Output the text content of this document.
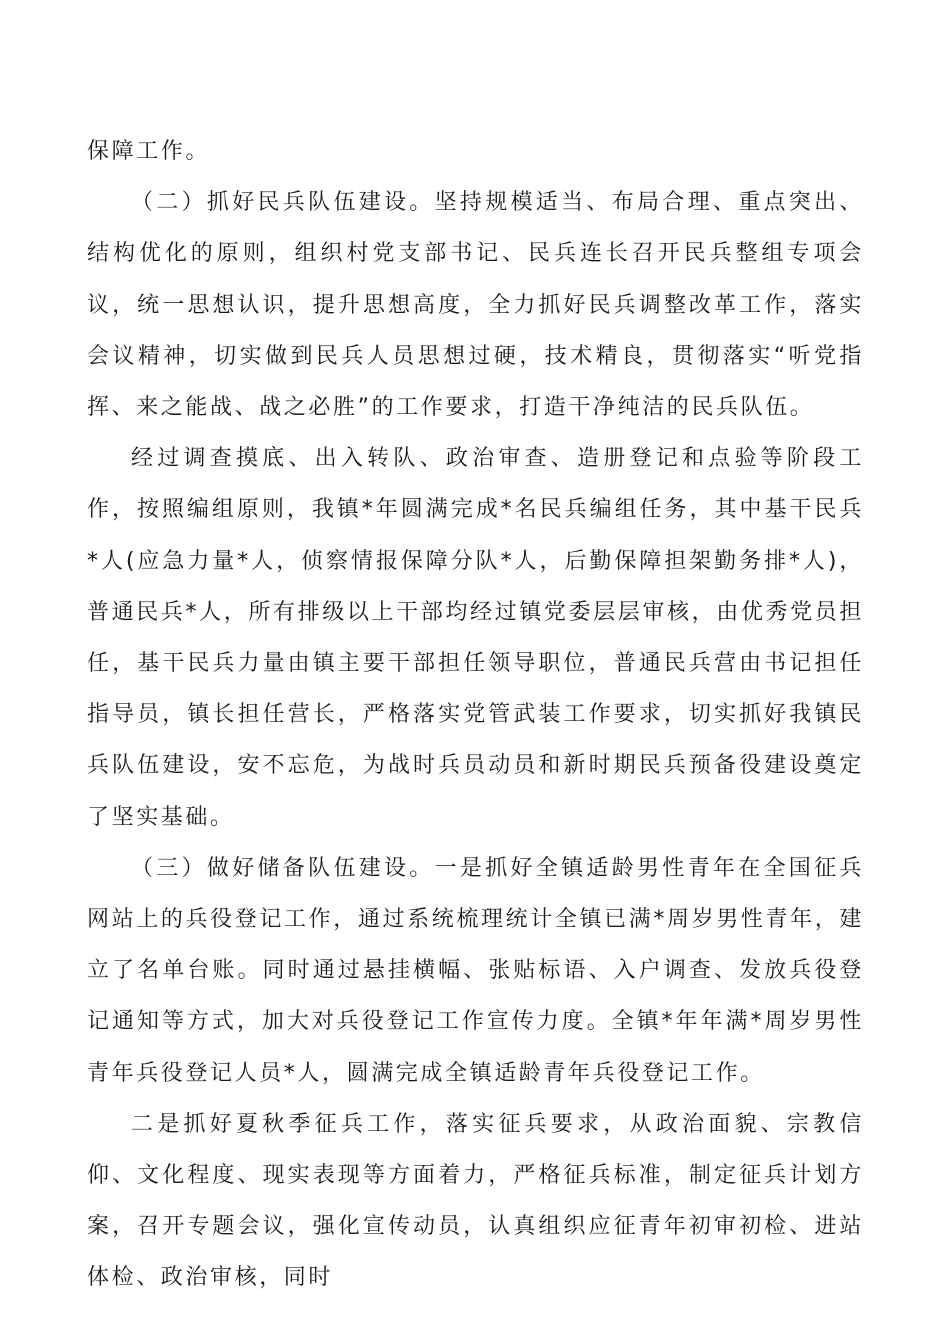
保障工作。

（二）抓好民兵队伍建设。坚持规模适当、布局合理、重点突出、结构优化的原则，组织村党支部书记、民兵连长召开民兵整组专项会议，统一思想认识，提升思想高度，全力抓好民兵调整改革工作，落实会议精神，切实做到民兵人员思想过硬，技术精良，贯彻落实“听党指挥、来之能战、战之必胜”的工作要求，打造干净纯洁的民兵队伍。

经过调查摸底、出入转队、政治审查、造册登记和点验等阶段工作，按照编组原则，我镇*年圆满完成*名民兵编组任务，其中基干民兵*人(应急力量*人，侦察情报保障分队*人，后勤保障担架勤务排*人)，普通民兵*人，所有排级以上干部均经过镇党委层层审核，由优秀党员担任，基干民兵力量由镇主要干部担任领导职位，普通民兵营由书记担任指导员，镇长担任营长，严格落实党管武装工作要求，切实抓好我镇民兵队伍建设，安不忘危，为战时兵员动员和新时期民兵预备役建设奠定了坚实基础。

（三）做好储备队伍建设。一是抓好全镇适龄男性青年在全国征兵网站上的兵役登记工作，通过系统梳理统计全镇已满*周岁男性青年，建立了名单台账。同时通过悬挂横幅、张贴标语、入户调查、发放兵役登记通知等方式，加大对兵役登记工作宣传力度。全镇*年年满*周岁男性青年兵役登记人员*人，圆满完成全镇适龄青年兵役登记工作。

二是抓好夏秋季征兵工作，落实征兵要求，从政治面貌、宗教信仰、文化程度、现实表现等方面着力，严格征兵标准，制定征兵计划方案，召开专题会议，强化宣传动员，认真组织应征青年初审初检、进站体检、政治审核，同时
